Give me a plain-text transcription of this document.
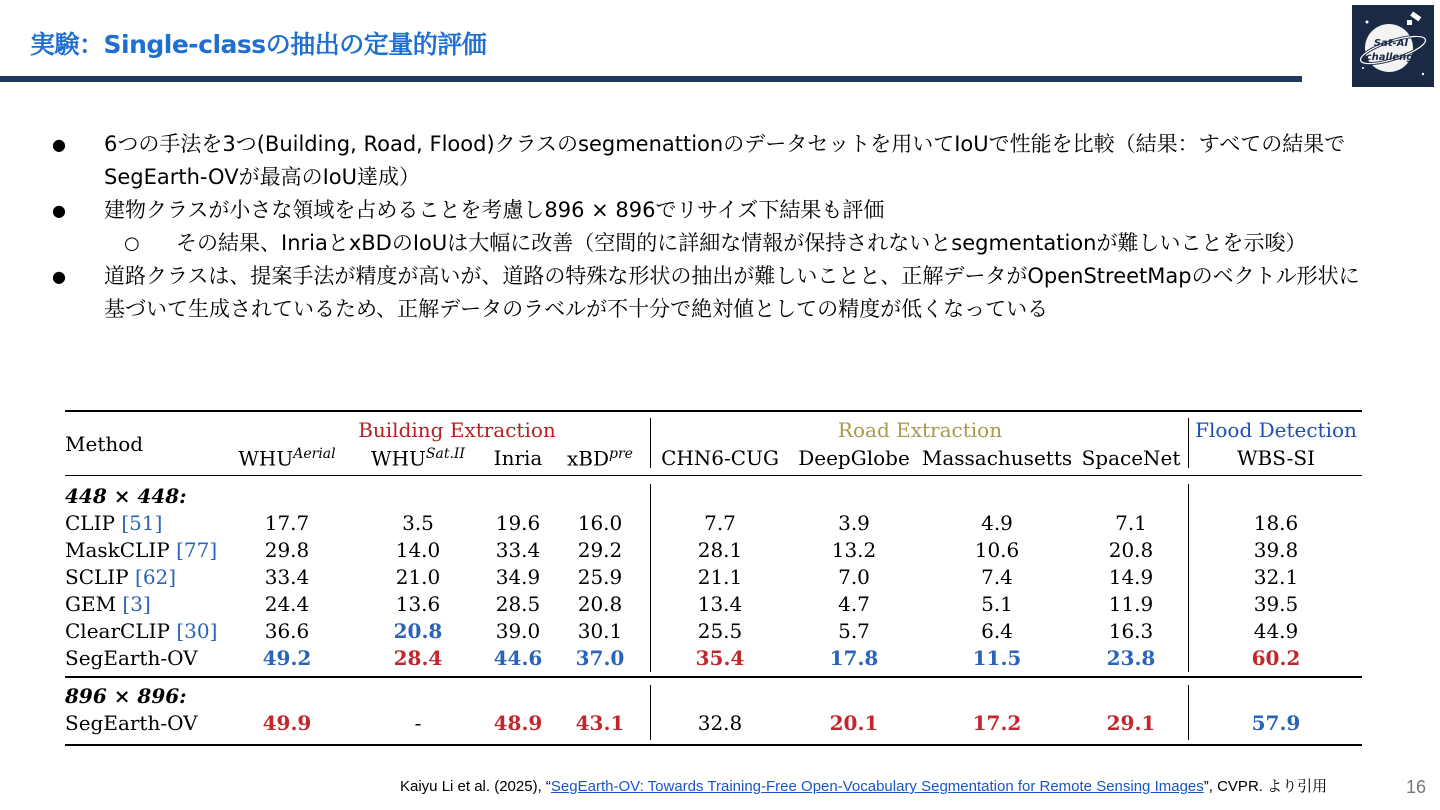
実験：Single-classの抽出の定量的評価	Sat-AI
challenge
● 6つの手法を3つ(Building, Road, Flood)クラスのsegmenattionのデータセットを用いてIoUで性能を比較（結果：すべての結果でSegEarth-OVが最高のIoU達成）
● 建物クラスが小さな領域を占めることを考慮し896 × 896でリサイズ下結果も評価
○ その結果、InriaとxBDのIoUは大幅に改善（空間的に詳細な情報が保持されないとsegmentationが難しいことを示唆）
● 道路クラスは、提案手法が精度が高いが、道路の特殊な形状の抽出が難しいことと、正解データがOpenStreetMapのベクトル形状に基づいて生成されているため、正解データのラベルが不十分で絶対値としての精度が低くなっている
Method
Building Extraction	Road Extraction	Flood Detection
$WHU^{Aerial}$ $WHU^{Sat.II}$ Inria xBD$^{pre}$ CHN6-CUG DeepGlobe Massachusetts SpaceNet	WBS-SI
448 × 448:
CLIP [51]	17.7	3.5	19.6 16.0	7.7	3.9	4.9	7.1	18.6
MaskCLIP [77] 29.8	14.0	33.4 29.2	28.1	13.2	10.6	20.8	39.8
SCLIP [62]	33.4	21.0	34.9 25.9	21.1	7.0	7.4	14.9	32.1
GEM [3]	24.4	13.6	28.5 20.8	13.4	4.7	5.1	11.9	39.5
ClearCLIP [30] 36.6	20.8	39.0 30.1	25.5	5.7	6.4	16.3	44.9
SegEarth-OV	49.2	28.4	44.6 37.0	35.4	17.8	11.5	23.8	60.2
896 × 896:
SegEarth-OV	49.9	-	48.9 43.1	32.8	20.1	17.2	29.1	57.9
Kaiyu Li et al. (2025), “SegEarth-OV: Towards Training-Free Open-Vocabulary Segmentation for Remote Sensing Images”, CVPR. より引用	16
